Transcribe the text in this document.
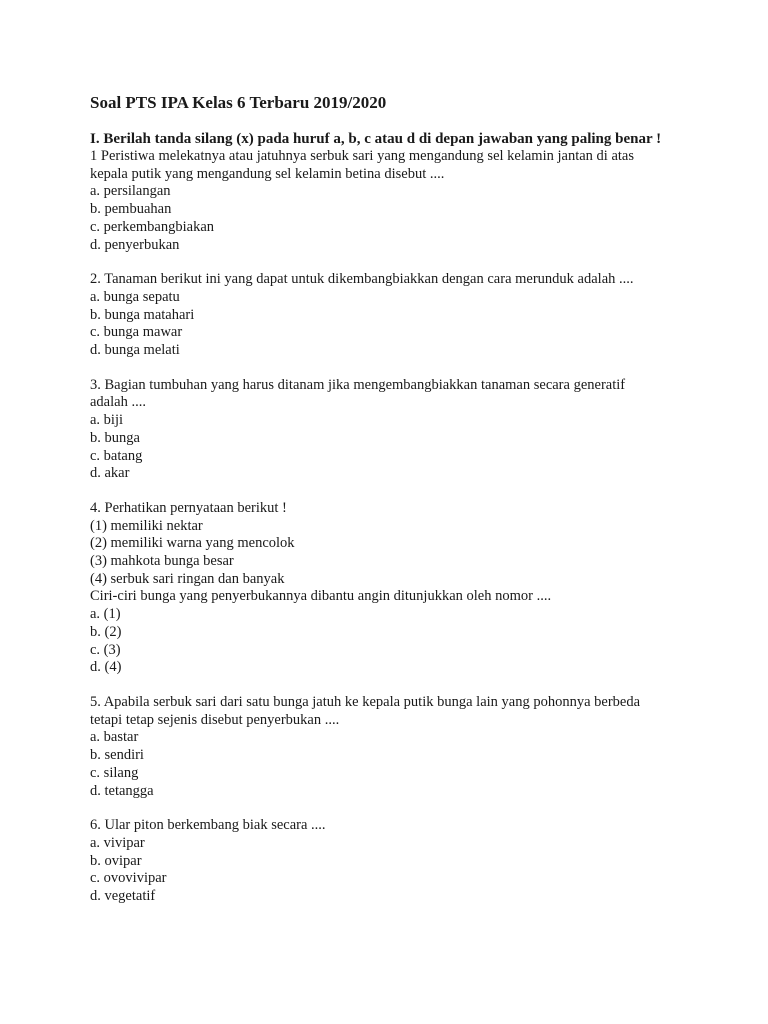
Soal PTS IPA Kelas 6 Terbaru 2019/2020
I. Berilah tanda silang (x) pada huruf a, b, c atau d di depan jawaban yang paling benar !

1 Peristiwa melekatnya atau jatuhnya serbuk sari yang mengandung sel kelamin jantan di atas

kepala putik yang mengandung sel kelamin betina disebut ....

a. persilangan

b. pembuahan

c. perkembangbiakan

d. penyerbukan

2. Tanaman berikut ini yang dapat untuk dikembangbiakkan dengan cara merunduk adalah ....

a. bunga sepatu

b. bunga matahari

c. bunga mawar

d. bunga melati

3. Bagian tumbuhan yang harus ditanam jika mengembangbiakkan tanaman secara generatif

adalah ....

a. biji

b. bunga

c. batang

d. akar

4. Perhatikan pernyataan berikut !

(1) memiliki nektar

(2) memiliki warna yang mencolok

(3) mahkota bunga besar

(4) serbuk sari ringan dan banyak

Ciri-ciri bunga yang penyerbukannya dibantu angin ditunjukkan oleh nomor ....

a. (1)

b. (2)

c. (3)

d. (4)

5. Apabila serbuk sari dari satu bunga jatuh ke kepala putik bunga lain yang pohonnya berbeda

tetapi tetap sejenis disebut penyerbukan ....

a. bastar

b. sendiri

c. silang

d. tetangga

6. Ular piton berkembang biak secara ....

a. vivipar

b. ovipar

c. ovovivipar

d. vegetatif
